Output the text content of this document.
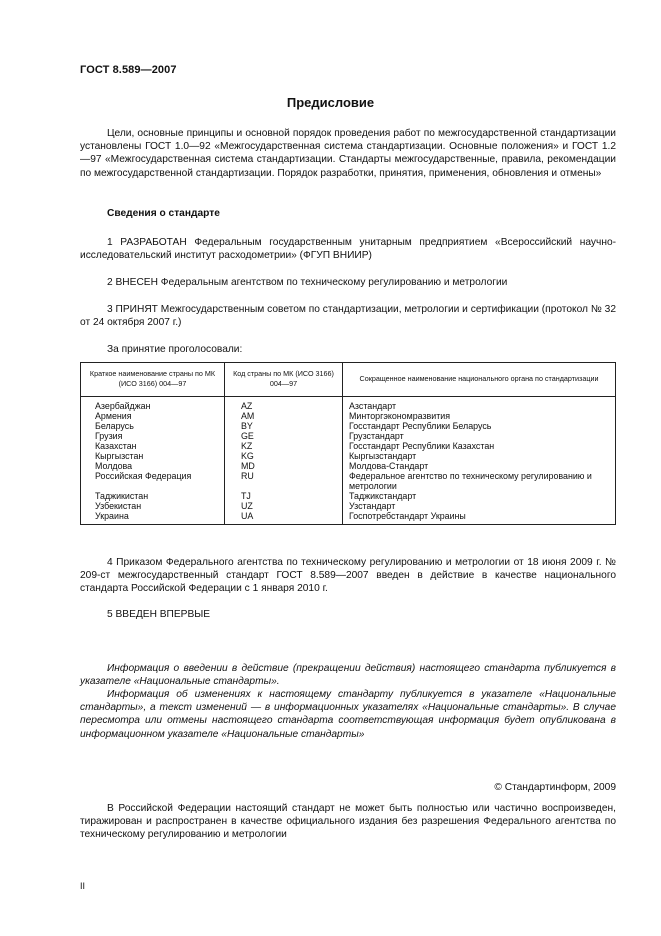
ГОСТ 8.589—2007
Предисловие
Цели, основные принципы и основной порядок проведения работ по межгосударственной стандартизации установлены ГОСТ 1.0—92 «Межгосударственная система стандартизации. Основные положения» и ГОСТ 1.2—97 «Межгосударственная система стандартизации. Стандарты межгосударственные, правила, рекомендации по межгосударственной стандартизации. Порядок разработки, принятия, применения, обновления и отмены»
Сведения о стандарте
1 РАЗРАБОТАН Федеральным государственным унитарным предприятием «Всероссийский научно-исследовательский институт расходометрии» (ФГУП ВНИИР)
2 ВНЕСЕН Федеральным агентством по техническому регулированию и метрологии
3 ПРИНЯТ Межгосударственным советом по стандартизации, метрологии и сертификации (протокол № 32 от 24 октября 2007 г.)
За принятие проголосовали:
Краткое наименование страны по МК (ИСО 3166) 004—97	Код страны по МК (ИСО 3166) 004—97	Сокращенное наименование национального органа по стандартизации
Азербайджан	AZ	Азстандарт
Армения	AM	Минторгэкономразвития
Беларусь	BY	Госстандарт Республики Беларусь
Грузия	GE	Грузстандарт
Казахстан	KZ	Госстандарт Республики Казахстан
Кыргызстан	KG	Кыргызстандарт
Молдова	MD	Молдова-Стандарт
Российская Федерация	RU	Федеральное агентство по техническому регулированию и метрологии
Таджикистан	TJ	Таджикстандарт
Узбекистан	UZ	Узстандарт
Украина	UA	Госпотребстандарт Украины
4 Приказом Федерального агентства по техническому регулированию и метрологии от 18 июня 2009 г. № 209-ст межгосударственный стандарт ГОСТ 8.589—2007 введен в действие в качестве национального стандарта Российской Федерации с 1 января 2010 г.
5 ВВЕДЕН ВПЕРВЫЕ
Информация о введении в действие (прекращении действия) настоящего стандарта публикуется в указателе «Национальные стандарты».
Информация об изменениях к настоящему стандарту публикуется в указателе «Национальные стандарты», а текст изменений — в информационных указателях «Национальные стандарты». В случае пересмотра или отмены настоящего стандарта соответствующая информация будет опубликована в информационном указателе «Национальные стандарты»
© Стандартинформ, 2009
В Российской Федерации настоящий стандарт не может быть полностью или частично воспроизведен, тиражирован и распространен в качестве официального издания без разрешения Федерального агентства по техническому регулированию и метрологии
II
